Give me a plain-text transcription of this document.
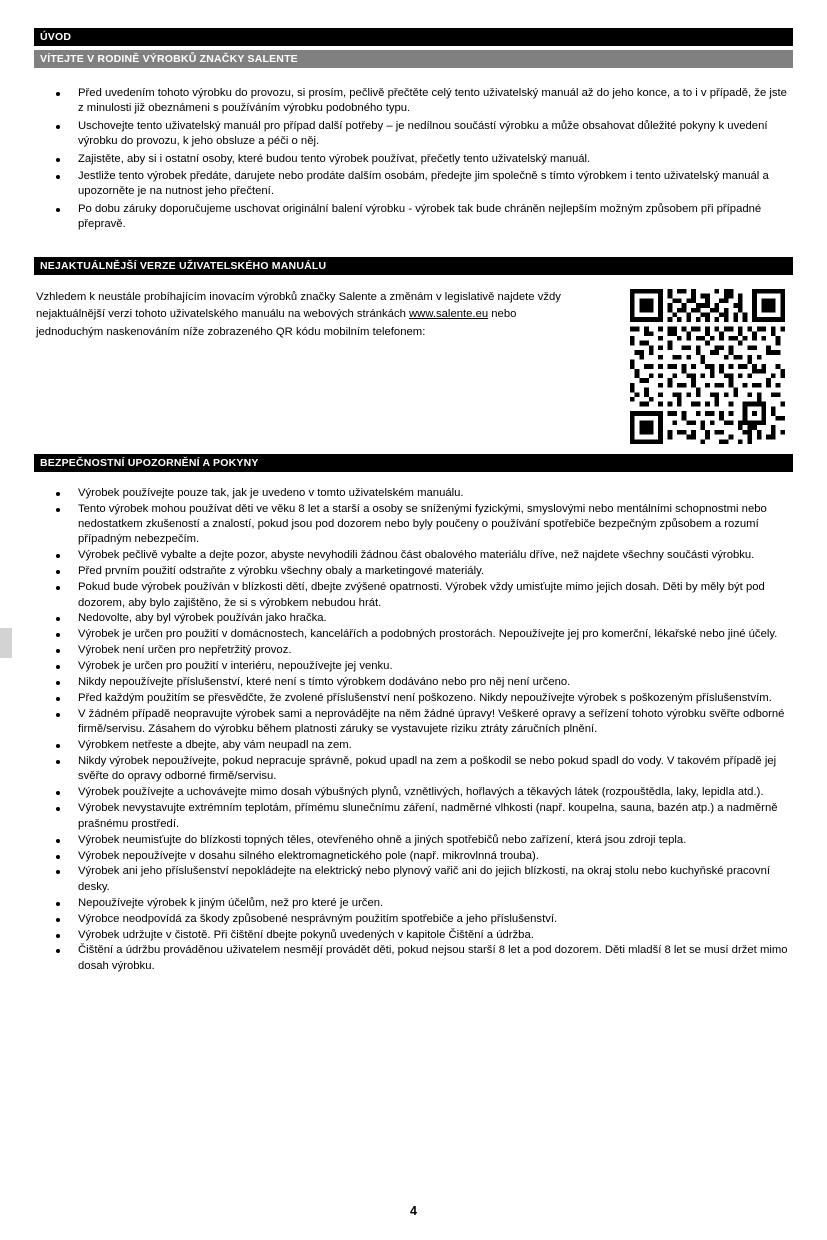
ÚVOD
VÍTEJTE V RODINĚ VÝROBKŮ ZNAČKY SALENTE
Před uvedením tohoto výrobku do provozu, si prosím, pečlivě přečtěte celý tento uživatelský manuál až do jeho konce, a to i v případě, že jste z minulosti již obeznámeni s používáním výrobku podobného typu.
Uschovejte tento uživatelský manuál pro případ další potřeby – je nedílnou součástí výrobku a může obsahovat důležité pokyny k uvedení výrobku do provozu, k jeho obsluze a péči o něj.
Zajistěte, aby si i ostatní osoby, které budou tento výrobek používat, přečetly tento uživatelský manuál.
Jestliže tento výrobek předáte, darujete nebo prodáte dalším osobám, předejte jim společně s tímto výrobkem i tento uživatelský manuál a upozorněte je na nutnost jeho přečtení.
Po dobu záruky doporučujeme uschovat originální balení výrobku - výrobek tak bude chráněn nejlepším možným způsobem při případné přepravě.
NEJAKTUÁLNĚJŠÍ VERZE UŽIVATELSKÉHO MANUÁLU
Vzhledem k neustále probíhajícím inovacím výrobků značky Salente a změnám v legislativě najdete vždy nejaktuálnější verzi tohoto uživatelského manuálu na webových stránkách www.salente.eu nebo jednoduchým naskenováním níže zobrazeného QR kódu mobilním telefonem:
BEZPEČNOSTNÍ UPOZORNĚNÍ A POKYNY
Výrobek používejte pouze tak, jak je uvedeno v tomto uživatelském manuálu.
Tento výrobek mohou používat děti ve věku 8 let a starší a osoby se sníženými fyzickými, smyslovými nebo mentálními schopnostmi nebo nedostatkem zkušeností a znalostí, pokud jsou pod dozorem nebo byly poučeny o používání spotřebiče bezpečným způsobem a rozumí případným nebezpečím.
Výrobek pečlivě vybalte a dejte pozor, abyste nevyhodili žádnou část obalového materiálu dříve, než najdete všechny součásti výrobku.
Před prvním použití odstraňte z výrobku všechny obaly a marketingové materiály.
Pokud bude výrobek používán v blízkosti dětí, dbejte zvýšené opatrnosti. Výrobek vždy umisťujte mimo jejich dosah. Děti by měly být pod dozorem, aby bylo zajištěno, že si s výrobkem nebudou hrát.
Nedovolte, aby byl výrobek používán jako hračka.
Výrobek je určen pro použití v domácnostech, kancelářích a podobných prostorách. Nepoužívejte jej pro komerční, lékařské nebo jiné účely.
Výrobek není určen pro nepřetržitý provoz.
Výrobek je určen pro použití v interiéru, nepoužívejte jej venku.
Nikdy nepoužívejte příslušenství, které není s tímto výrobkem dodáváno nebo pro něj není určeno.
Před každým použitím se přesvědčte, že zvolené příslušenství není poškozeno. Nikdy nepoužívejte výrobek s poškozeným příslušenstvím.
V žádném případě neopravujte výrobek sami a neprovádějte na něm žádné úpravy! Veškeré opravy a seřízení tohoto výrobku svěřte odborné firmě/servisu. Zásahem do výrobku během platnosti záruky se vystavujete riziku ztráty záručních plnění.
Výrobkem netřeste a dbejte, aby vám neupadl na zem.
Nikdy výrobek nepoužívejte, pokud nepracuje správně, pokud upadl na zem a poškodil se nebo pokud spadl do vody. V takovém případě jej svěřte do opravy odborné firmě/servisu.
Výrobek používejte a uchovávejte mimo dosah výbušných plynů, vznětlivých, hořlavých a těkavých látek (rozpouštědla, laky, lepidla atd.).
Výrobek nevystavujte extrémním teplotám, přímému slunečnímu záření, nadměrné vlhkosti (např. koupelna, sauna, bazén atp.) a nadměrně prašnému prostředí.
Výrobek neumisťujte do blízkosti topných těles, otevřeného ohně a jiných spotřebičů nebo zařízení, která jsou zdroji tepla.
Výrobek nepoužívejte v dosahu silného elektromagnetického pole (např. mikrovlnná trouba).
Výrobek ani jeho příslušenství nepokládejte na elektrický nebo plynový vařič ani do jejich blízkosti, na okraj stolu nebo kuchyňské pracovní desky.
Nepoužívejte výrobek k jiným účelům, než pro které je určen.
Výrobce neodpovídá za škody způsobené nesprávným použitím spotřebiče a jeho příslušenství.
Výrobek udržujte v čistotě. Při čištění dbejte pokynů uvedených v kapitole Čištění a údržba.
Čištění a údržbu prováděnou uživatelem nesmějí provádět děti, pokud nejsou starší 8 let a pod dozorem. Děti mladší 8 let se musí držet mimo dosah výrobku.
4
